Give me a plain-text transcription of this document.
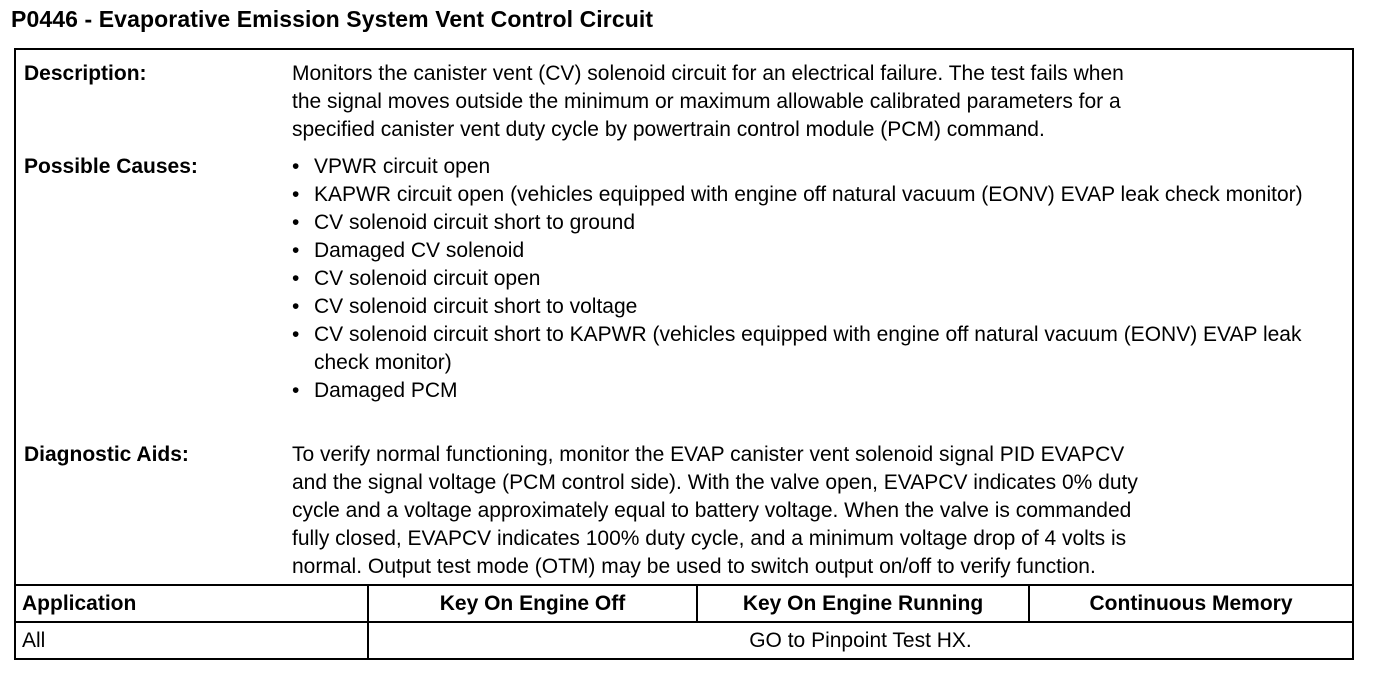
P0446 - Evaporative Emission System Vent Control Circuit
Description:	Monitors the canister vent (CV) solenoid circuit for an electrical failure. The test fails when
the signal moves outside the minimum or maximum allowable calibrated parameters for a
specified canister vent duty cycle by powertrain control module (PCM) command.
Possible Causes:	• VPWR circuit open
• KAPWR circuit open (vehicles equipped with engine off natural vacuum (EONV) EVAP leak check monitor)
• CV solenoid circuit short to ground
• Damaged CV solenoid
• CV solenoid circuit open
• CV solenoid circuit short to voltage
• CV solenoid circuit short to KAPWR (vehicles equipped with engine off natural vacuum (EONV) EVAP leak check monitor)
• Damaged PCM
Diagnostic Aids:	To verify normal functioning, monitor the EVAP canister vent solenoid signal PID EVAPCV
and the signal voltage (PCM control side). With the valve open, EVAPCV indicates 0% duty
cycle and a voltage approximately equal to battery voltage. When the valve is commanded
fully closed, EVAPCV indicates 100% duty cycle, and a minimum voltage drop of 4 volts is
normal. Output test mode (OTM) may be used to switch output on/off to verify function.
Application	Key On Engine Off	Key On Engine Running	Continuous Memory
All	GO to Pinpoint Test HX.		
